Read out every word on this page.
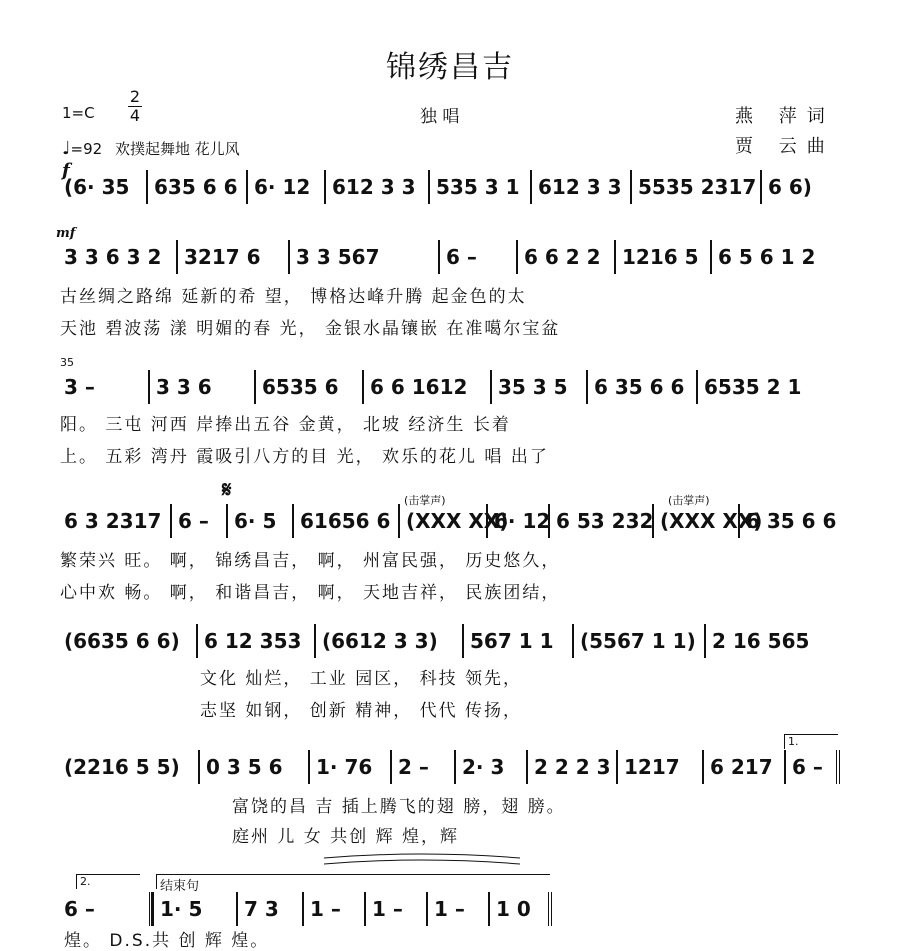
锦绣昌吉
1=C
2
4
♩=92 欢撲起舞地 花儿风
独 唱	燕 萍词
贾 云曲
f
(6· 35	635 6 6 6· 12	612 3 3	535 3 1 612 3 3 5535 2317 6 6)
mf
3 3 6 3 2	3217 6	3 3 567	6 –	6 6 2 2	1216 5 6 5 6 1 2
古丝绸之路绵 延新的希 望， 博格达峰升腾 起金色的太
天池 碧波荡 漾 明媚的春 光， 金银水晶镶嵌 在准噶尔宝盆
35
3 –	3 3 6	6535 6	6 6 1612	35 3 5	6 35 6 6 6535 2 1
阳。 三屯 河西 岸捧出五谷 金黄， 北坡 经济生 长着
上。 五彩 湾丹 霞吸引八方的目 光， 欢乐的花儿 唱 出了
𝄋	(击掌声)	(击掌声)
6 3 2317 6 –	6· 5	61656 6 (XXX XX)
6· 12 6 53 232 (XXX XX)
6 35 6 6
繁荣兴 旺。 啊， 锦绣昌吉， 啊， 州富民强， 历史悠久，
心中欢 畅。 啊， 和谐昌吉， 啊， 天地吉祥， 民族团结，
(6635 6 6)	6 12 353	(6612 3 3)	567 1 1	(5567 1 1) 2 16 565
文化 灿烂， 工业 园区， 科技 领先，
志坚 如钢， 创新 精神， 代代 传扬，
1.
(2216 5 5)	0 3 5 6	1· 76	2 –	2· 3	2 2 2 3 1217	6 217 6 –
富饶的昌 吉 插上腾飞的翅 膀，翅 膀。
庭州 儿 女 共创 辉 煌，辉
2.	结束句
6 –	1· 5	7 3	1 –	1 –	1 –	1 0
煌。 D.S.共 创 辉 煌。
